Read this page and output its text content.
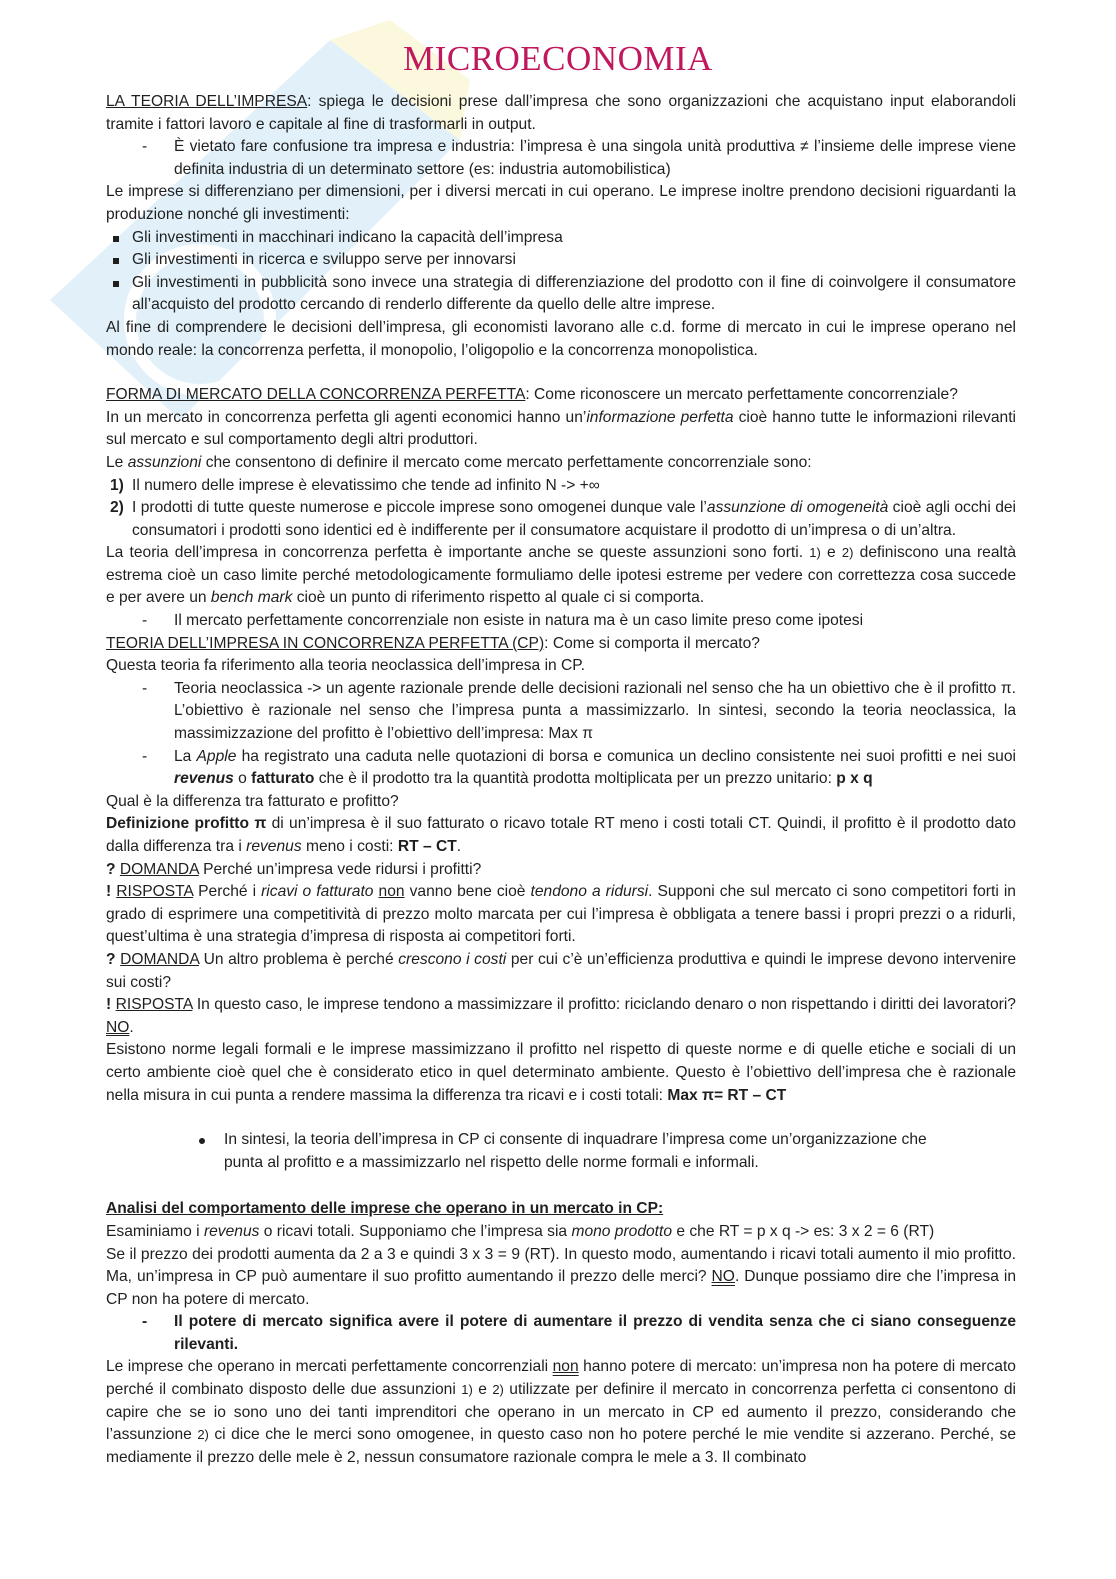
MICROECONOMIA

LA TEORIA DELL’IMPRESA: spiega le decisioni prese dall’impresa che sono organizzazioni che acquistano input elaborandoli tramite i fattori lavoro e capitale al fine di trasformarli in output.

- È vietato fare confusione tra impresa e industria: l’impresa è una singola unità produttiva ≠ l’insieme delle imprese viene definita industria di un determinato settore (es: industria automobilistica)

Le imprese si differenziano per dimensioni, per i diversi mercati in cui operano. Le imprese inoltre prendono decisioni riguardanti la produzione nonché gli investimenti:

Gli investimenti in macchinari indicano la capacità dell’impresa

Gli investimenti in ricerca e sviluppo serve per innovarsi

Gli investimenti in pubblicità sono invece una strategia di differenziazione del prodotto con il fine di coinvolgere il consumatore all’acquisto del prodotto cercando di renderlo differente da quello delle altre imprese.

Al fine di comprendere le decisioni dell’impresa, gli economisti lavorano alle c.d. forme di mercato in cui le imprese operano nel mondo reale: la concorrenza perfetta, il monopolio, l’oligopolio e la concorrenza monopolistica.

FORMA DI MERCATO DELLA CONCORRENZA PERFETTA: Come riconoscere un mercato perfettamente concorrenziale?

In un mercato in concorrenza perfetta gli agenti economici hanno un’informazione perfetta cioè hanno tutte le informazioni rilevanti sul mercato e sul comportamento degli altri produttori.

Le assunzioni che consentono di definire il mercato come mercato perfettamente concorrenziale sono:

1) Il numero delle imprese è elevatissimo che tende ad infinito N -> +∞

2) I prodotti di tutte queste numerose e piccole imprese sono omogenei dunque vale l’assunzione di omogeneità cioè agli occhi dei consumatori i prodotti sono identici ed è indifferente per il consumatore acquistare il prodotto di un’impresa o di un’altra.

La teoria dell’impresa in concorrenza perfetta è importante anche se queste assunzioni sono forti. 1) e 2) definiscono una realtà estrema cioè un caso limite perché metodologicamente formuliamo delle ipotesi estreme per vedere con correttezza cosa succede e per avere un bench mark cioè un punto di riferimento rispetto al quale ci si comporta.

- Il mercato perfettamente concorrenziale non esiste in natura ma è un caso limite preso come ipotesi

TEORIA DELL’IMPRESA IN CONCORRENZA PERFETTA (CP): Come si comporta il mercato?

Questa teoria fa riferimento alla teoria neoclassica dell’impresa in CP.

- Teoria neoclassica -> un agente razionale prende delle decisioni razionali nel senso che ha un obiettivo che è il profitto π. L’obiettivo è razionale nel senso che l’impresa punta a massimizzarlo. In sintesi, secondo la teoria neoclassica, la massimizzazione del profitto è l’obiettivo dell’impresa: Max π

- La Apple ha registrato una caduta nelle quotazioni di borsa e comunica un declino consistente nei suoi profitti e nei suoi revenus o fatturato che è il prodotto tra la quantità prodotta moltiplicata per un prezzo unitario: p x q

Qual è la differenza tra fatturato e profitto?

Definizione profitto π di un’impresa è il suo fatturato o ricavo totale RT meno i costi totali CT. Quindi, il profitto è il prodotto dato dalla differenza tra i revenus meno i costi: RT – CT.

? DOMANDA Perché un’impresa vede ridursi i profitti?

! RISPOSTA Perché i ricavi o fatturato non vanno bene cioè tendono a ridursi. Supponi che sul mercato ci sono competitori forti in grado di esprimere una competitività di prezzo molto marcata per cui l’impresa è obbligata a tenere bassi i propri prezzi o a ridurli, quest’ultima è una strategia d’impresa di risposta ai competitori forti.

? DOMANDA Un altro problema è perché crescono i costi per cui c’è un’efficienza produttiva e quindi le imprese devono intervenire sui costi?

! RISPOSTA In questo caso, le imprese tendono a massimizzare il profitto: riciclando denaro o non rispettando i diritti dei lavoratori? NO.

Esistono norme legali formali e le imprese massimizzano il profitto nel rispetto di queste norme e di quelle etiche e sociali di un certo ambiente cioè quel che è considerato etico in quel determinato ambiente. Questo è l’obiettivo dell’impresa che è razionale nella misura in cui punta a rendere massima la differenza tra ricavi e i costi totali: Max π= RT – CT

In sintesi, la teoria dell’impresa in CP ci consente di inquadrare l’impresa come un’organizzazione che punta al profitto e a massimizzarlo nel rispetto delle norme formali e informali.

Analisi del comportamento delle imprese che operano in un mercato in CP:

Esaminiamo i revenus o ricavi totali. Supponiamo che l’impresa sia mono prodotto e che RT = p x q -> es: 3 x 2 = 6 (RT)

Se il prezzo dei prodotti aumenta da 2 a 3 e quindi 3 x 3 = 9 (RT). In questo modo, aumentando i ricavi totali aumento il mio profitto. Ma, un’impresa in CP può aumentare il suo profitto aumentando il prezzo delle merci? NO. Dunque possiamo dire che l’impresa in CP non ha potere di mercato.

- Il potere di mercato significa avere il potere di aumentare il prezzo di vendita senza che ci siano conseguenze rilevanti.

Le imprese che operano in mercati perfettamente concorrenziali non hanno potere di mercato: un’impresa non ha potere di mercato perché il combinato disposto delle due assunzioni 1) e 2) utilizzate per definire il mercato in concorrenza perfetta ci consentono di capire che se io sono uno dei tanti imprenditori che operano in un mercato in CP ed aumento il prezzo, considerando che l’assunzione 2) ci dice che le merci sono omogenee, in questo caso non ho potere perché le mie vendite si azzerano. Perché, se mediamente il prezzo delle mele è 2, nessun consumatore razionale compra le mele a 3. Il combinato
